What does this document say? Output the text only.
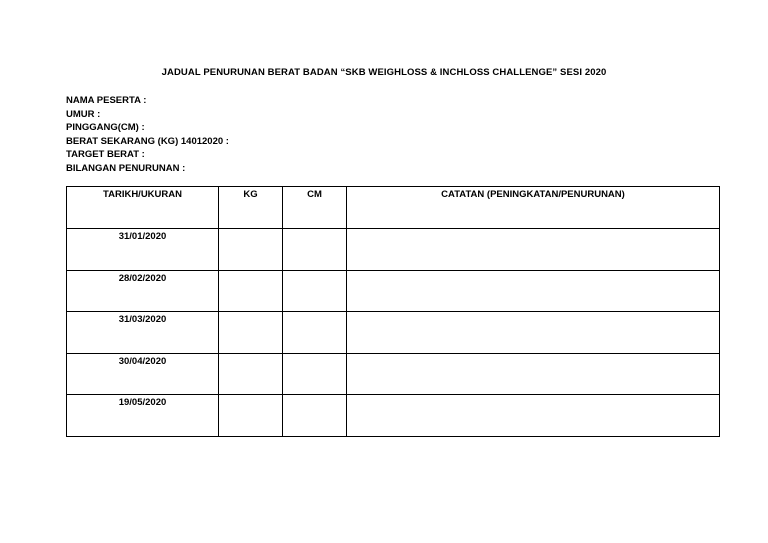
JADUAL PENURUNAN BERAT BADAN “SKB WEIGHLOSS & INCHLOSS CHALLENGE” SESI 2020
NAMA PESERTA :
UMUR :
PINGGANG(CM) :
BERAT SEKARANG (KG) 14012020 :
TARGET BERAT :
BILANGAN PENURUNAN :
TARIKH/UKURAN	KG	CM	CATATAN (PENINGKATAN/PENURUNAN)
31/01/2020			
28/02/2020			
31/03/2020			
30/04/2020			
19/05/2020			
